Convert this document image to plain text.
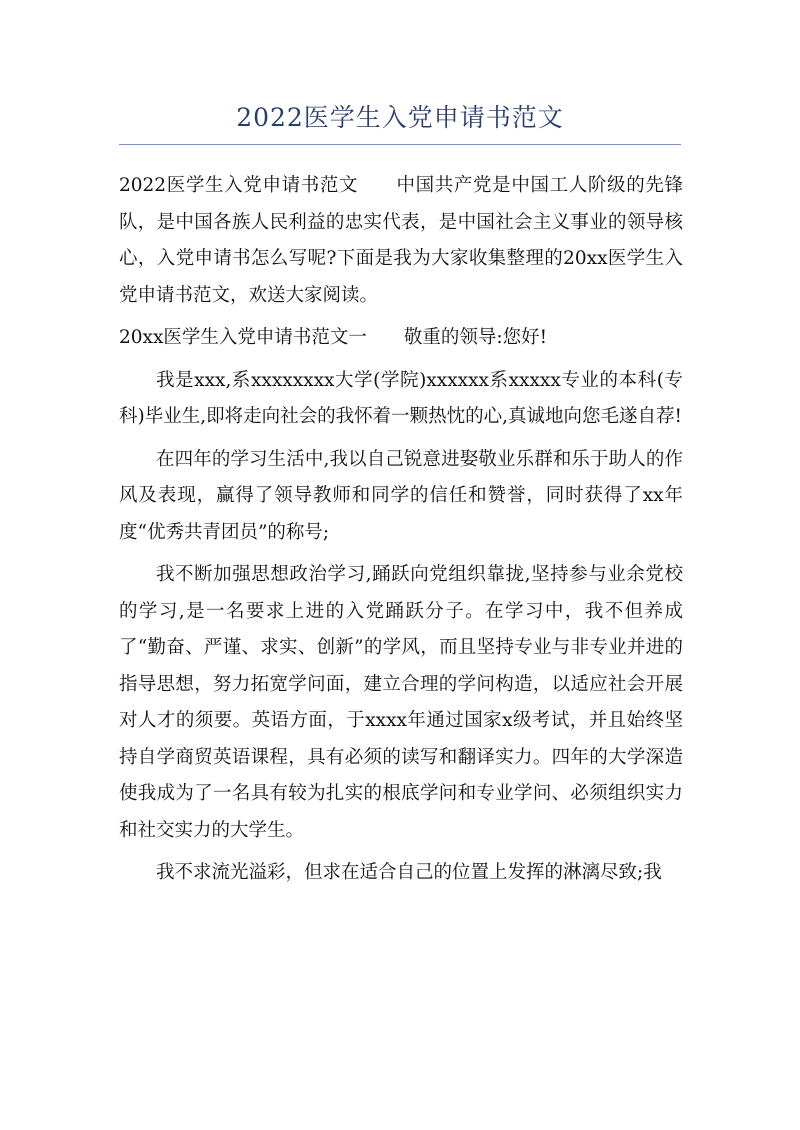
2022医学生入党申请书范文

2022医学生入党申请书范文　　中国共产党是中国工人阶级的先锋队，是中国各族人民利益的忠实代表，是中国社会主义事业的领导核心，入党申请书怎么写呢?下面是我为大家收集整理的20xx医学生入党申请书范文，欢送大家阅读。

20xx医学生入党申请书范文一　　敬重的领导:您好!

我是xxx,系xxxxxxxx大学(学院)xxxxxx系xxxxx专业的本科(专科)毕业生,即将走向社会的我怀着一颗热忱的心,真诚地向您毛遂自荐!

在四年的学习生活中,我以自己锐意进娶敬业乐群和乐于助人的作风及表现，赢得了领导教师和同学的信任和赞誉，同时获得了xx年度“优秀共青团员”的称号;

我不断加强思想政治学习,踊跃向党组织靠拢,坚持参与业余党校的学习,是一名要求上进的入党踊跃分子。在学习中，我不但养成了“勤奋、严谨、求实、创新”的学风，而且坚持专业与非专业并进的指导思想，努力拓宽学问面，建立合理的学问构造，以适应社会开展对人才的须要。英语方面，于xxxx年通过国家x级考试，并且始终坚持自学商贸英语课程，具有必须的读写和翻译实力。四年的大学深造使我成为了一名具有较为扎实的根底学问和专业学问、必须组织实力和社交实力的大学生。

我不求流光溢彩，但求在适合自己的位置上发挥的淋漓尽致;我
